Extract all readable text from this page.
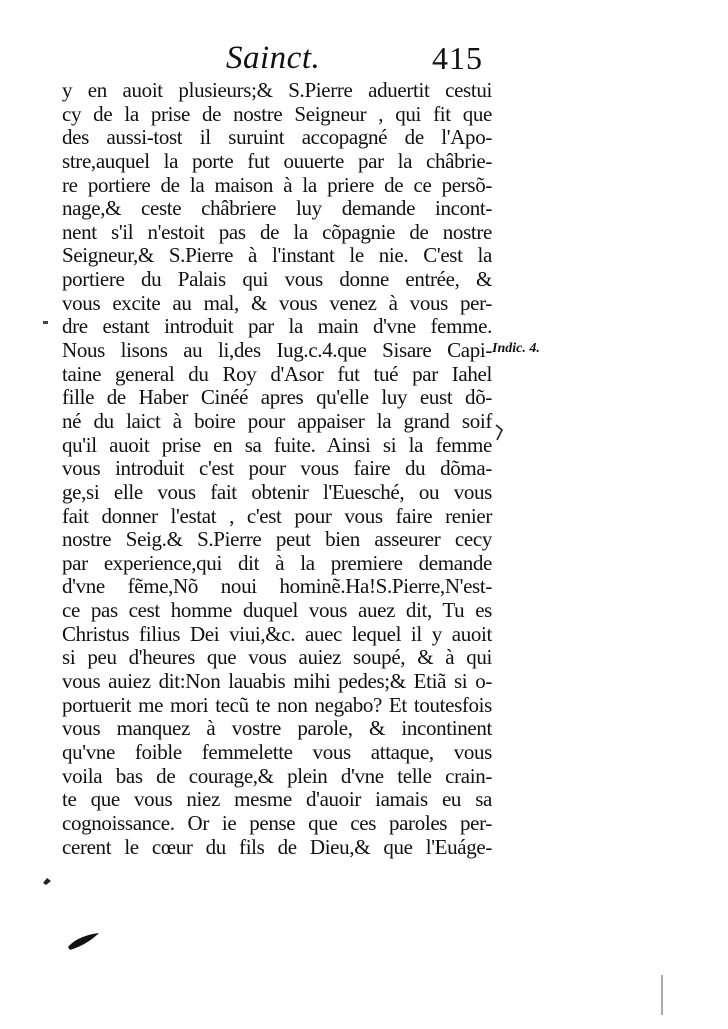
Sainct.	415
y en auoit plusieurs;& S.Pierre aduertit cestui
cy de la prise de nostre Seigneur , qui fit que
des aussi-tost il suruint accopagné de l'Apo-
stre,auquel la porte fut ouuerte par la châbrie-
re portiere de la maison à la priere de ce persõ-
nage,& ceste châbriere luy demande incont-
nent s'il n'estoit pas de la cõpagnie de nostre
Seigneur,& S.Pierre à l'instant le nie. C'est la
portiere du Palais qui vous donne entrée, &
vous excite au mal, & vous venez à vous per-
dre estant introduit par la main d'vne femme.
Nous lisons au li,des Iug.c.4.que Sisare Capi-
taine general du Roy d'Asor fut tué par Iahel
fille de Haber Cinéé apres qu'elle luy eust dõ-
né du laict à boire pour appaiser la grand soif
qu'il auoit prise en sa fuite. Ainsi si la femme
vous introduit c'est pour vous faire du dõma-
ge,si elle vous fait obtenir l'Euesché, ou vous
fait donner l'estat , c'est pour vous faire renier
nostre Seig.& S.Pierre peut bien asseurer cecy
par experience,qui dit à la premiere demande
d'vne fẽme,Nõ noui hominẽ.Ha!S.Pierre,N'est-
ce pas cest homme duquel vous auez dit, Tu es
Christus filius Dei viui,&c. auec lequel il y auoit
si peu d'heures que vous auiez soupé, & à qui
vous auiez dit:Non lauabis mihi pedes;& Etiã si o-
portuerit me mori tecũ te non negabo? Et toutesfois
vous manquez à vostre parole, & incontinent
qu'vne foible femmelette vous attaque, vous
voila bas de courage,& plein d'vne telle crain-
te que vous niez mesme d'auoir iamais eu sa
cognoissance. Or ie pense que ces paroles per-
cerent le cœur du fils de Dieu,& que l'Euáge-
Indic. 4.
